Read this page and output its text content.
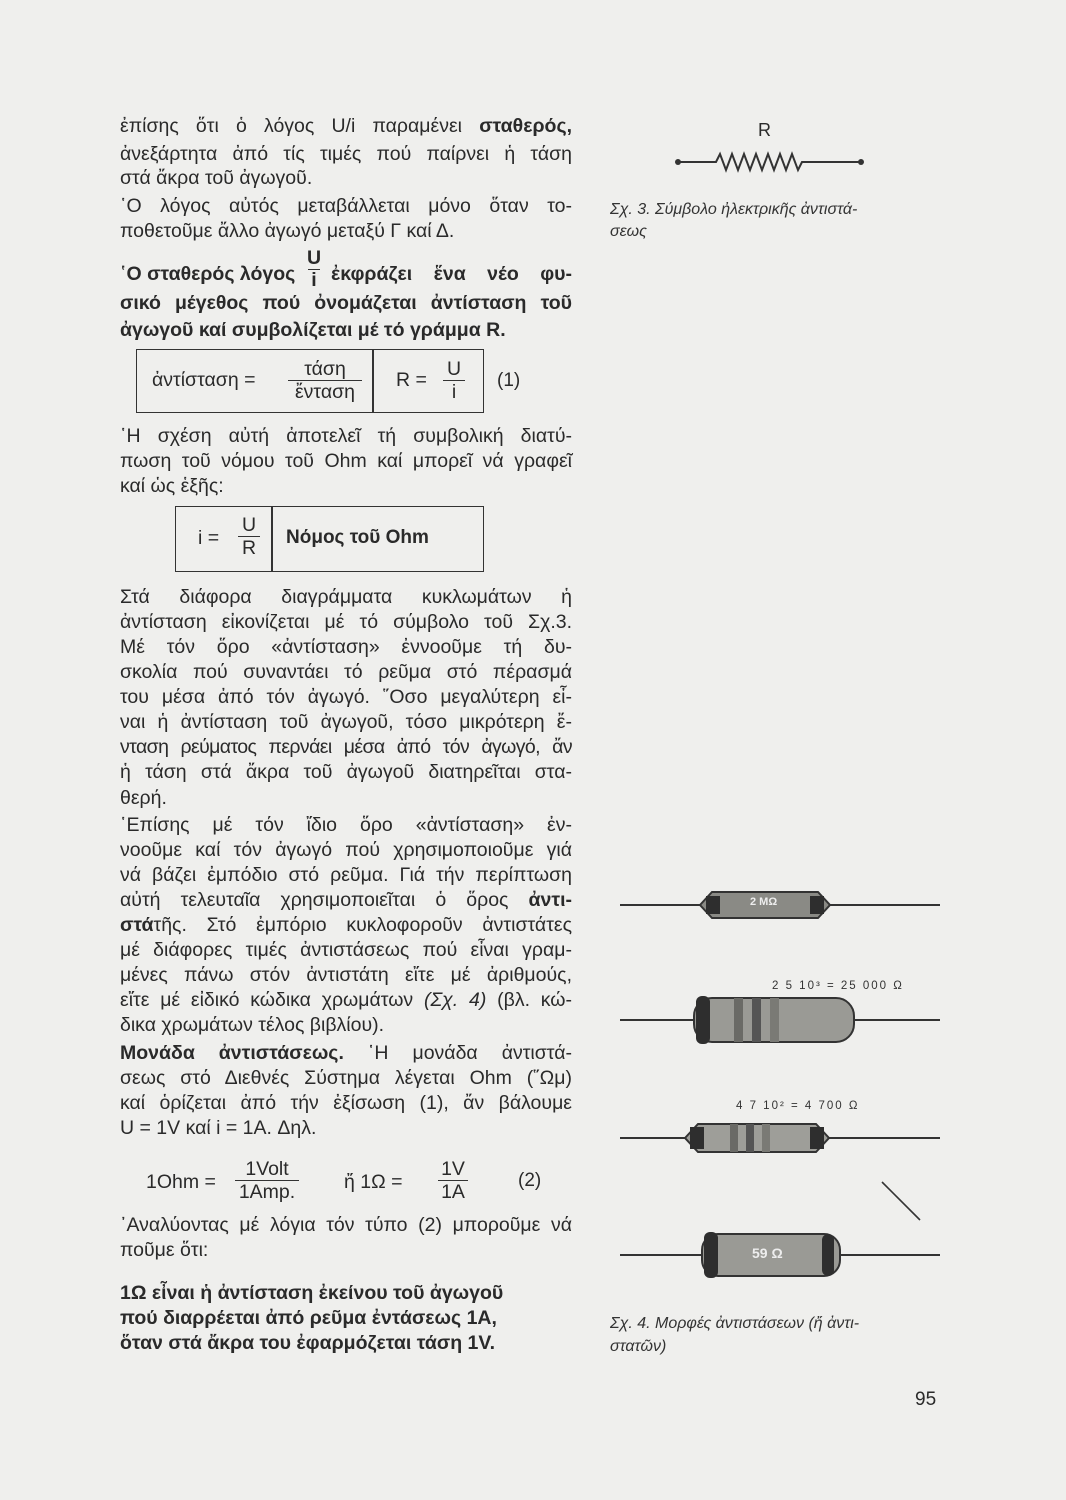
ἐπίσης ὅτι ὁ λόγος U/i παραμένει σταθερός,
ἀνεξάρτητα ἀπό τίς τιμές πού παίρνει ἡ τάση
στά ἄκρα τοῦ ἀγωγοῦ.
῾Ο λόγος αὐτός μεταβάλλεται μόνο ὅταν το-
ποθετοῦμε ἄλλο ἀγωγό μεταξύ Γ καί Δ.
῾Ο σταθερός λόγος
U
i ἐκφράζει ἕνα νέο φυ-
σικό μέγεθος πού ὀνομάζεται ἀντίσταση τοῦ
ἀγωγοῦ καί συμβολίζεται μέ τό γράμμα R.
ἀντίσταση =	τάση
ἔνταση
R =	U
i
(1)
῾Η σχέση αὐτή ἀποτελεῖ τή συμβολική διατύ-
πωση τοῦ νόμου τοῦ Ohm καί μπορεῖ νά γραφεῖ
καί ὡς ἑξῆς:
i =
U
R	Νόμος τοῦ Ohm
Στά διάφορα διαγράμματα κυκλωμάτων ἡ
ἀντίσταση εἰκονίζεται μέ τό σύμβολο τοῦ Σχ.3.
Μέ τόν ὅρο «ἀντίσταση» ἐννοοῦμε τή δυ-
σκολία πού συναντάει τό ρεῦμα στό πέρασμά
του μέσα ἀπό τόν ἀγωγό. ῞Οσο μεγαλύτερη εἶ-
ναι ἡ ἀντίσταση τοῦ ἀγωγοῦ, τόσο μικρότερη ἔ-
νταση ρεύματος περνάει μέσα ἀπό τόν ἀγωγό, ἄν
ἡ τάση στά ἄκρα τοῦ ἀγωγοῦ διατηρεῖται στα-
θερή.
῾Επίσης μέ τόν ἴδιο ὅρο «ἀντίσταση» ἐν-
νοοῦμε καί τόν ἀγωγό πού χρησιμοποιοῦμε γιά
νά βάζει ἐμπόδιο στό ρεῦμα. Γιά τήν περίπτωση
αὐτή τελευταῖα χρησιμοποιεῖται ὁ ὅρος ἀντι-
στάτῆς. Στό ἐμπόριο κυκλοφοροῦν ἀντιστάτες
μέ διάφορες τιμές ἀντιστάσεως πού εἶναι γραμ-
μένες πάνω στόν ἀντιστάτη εἴτε μέ ἀριθμούς,
εἴτε μέ εἰδικό κώδικα χρωμάτων (Σχ. 4) (βλ. κώ-
δικα χρωμάτων τέλος βιβλίου).
Μονάδα ἀντιστάσεως. ῾Η μονάδα ἀντιστά-
σεως στό Διεθνές Σύστημα λέγεται Ohm (῞Ωμ)
καί ὁρίζεται ἀπό τήν ἐξίσωση (1), ἄν βάλουμε
U = 1V καί i = 1A. Δηλ.
1Ohm =
1Volt
1Amp.	ἤ 1Ω =
1V
1A
(2)
᾿Αναλύοντας μέ λόγια τόν τύπο (2) μποροῦμε νά
ποῦμε ὅτι:
1Ω εἶναι ἡ ἀντίσταση ἐκείνου τοῦ ἀγωγοῦ
πού διαρρέεται ἀπό ρεῦμα ἐντάσεως 1Α,
ὅταν στά ἄκρα του ἐφαρμόζεται τάση 1V.
R
Σχ. 3. Σύμβολο ἠλεκτρικῆς ἀντιστά-
σεως
2 MΩ
2 5 10³ = 25 000 Ω
4 7 10² = 4 700 Ω
59 Ω
Σχ. 4. Μορφές ἀντιστάσεων (ἤ ἀντι-
στατῶν)
95
